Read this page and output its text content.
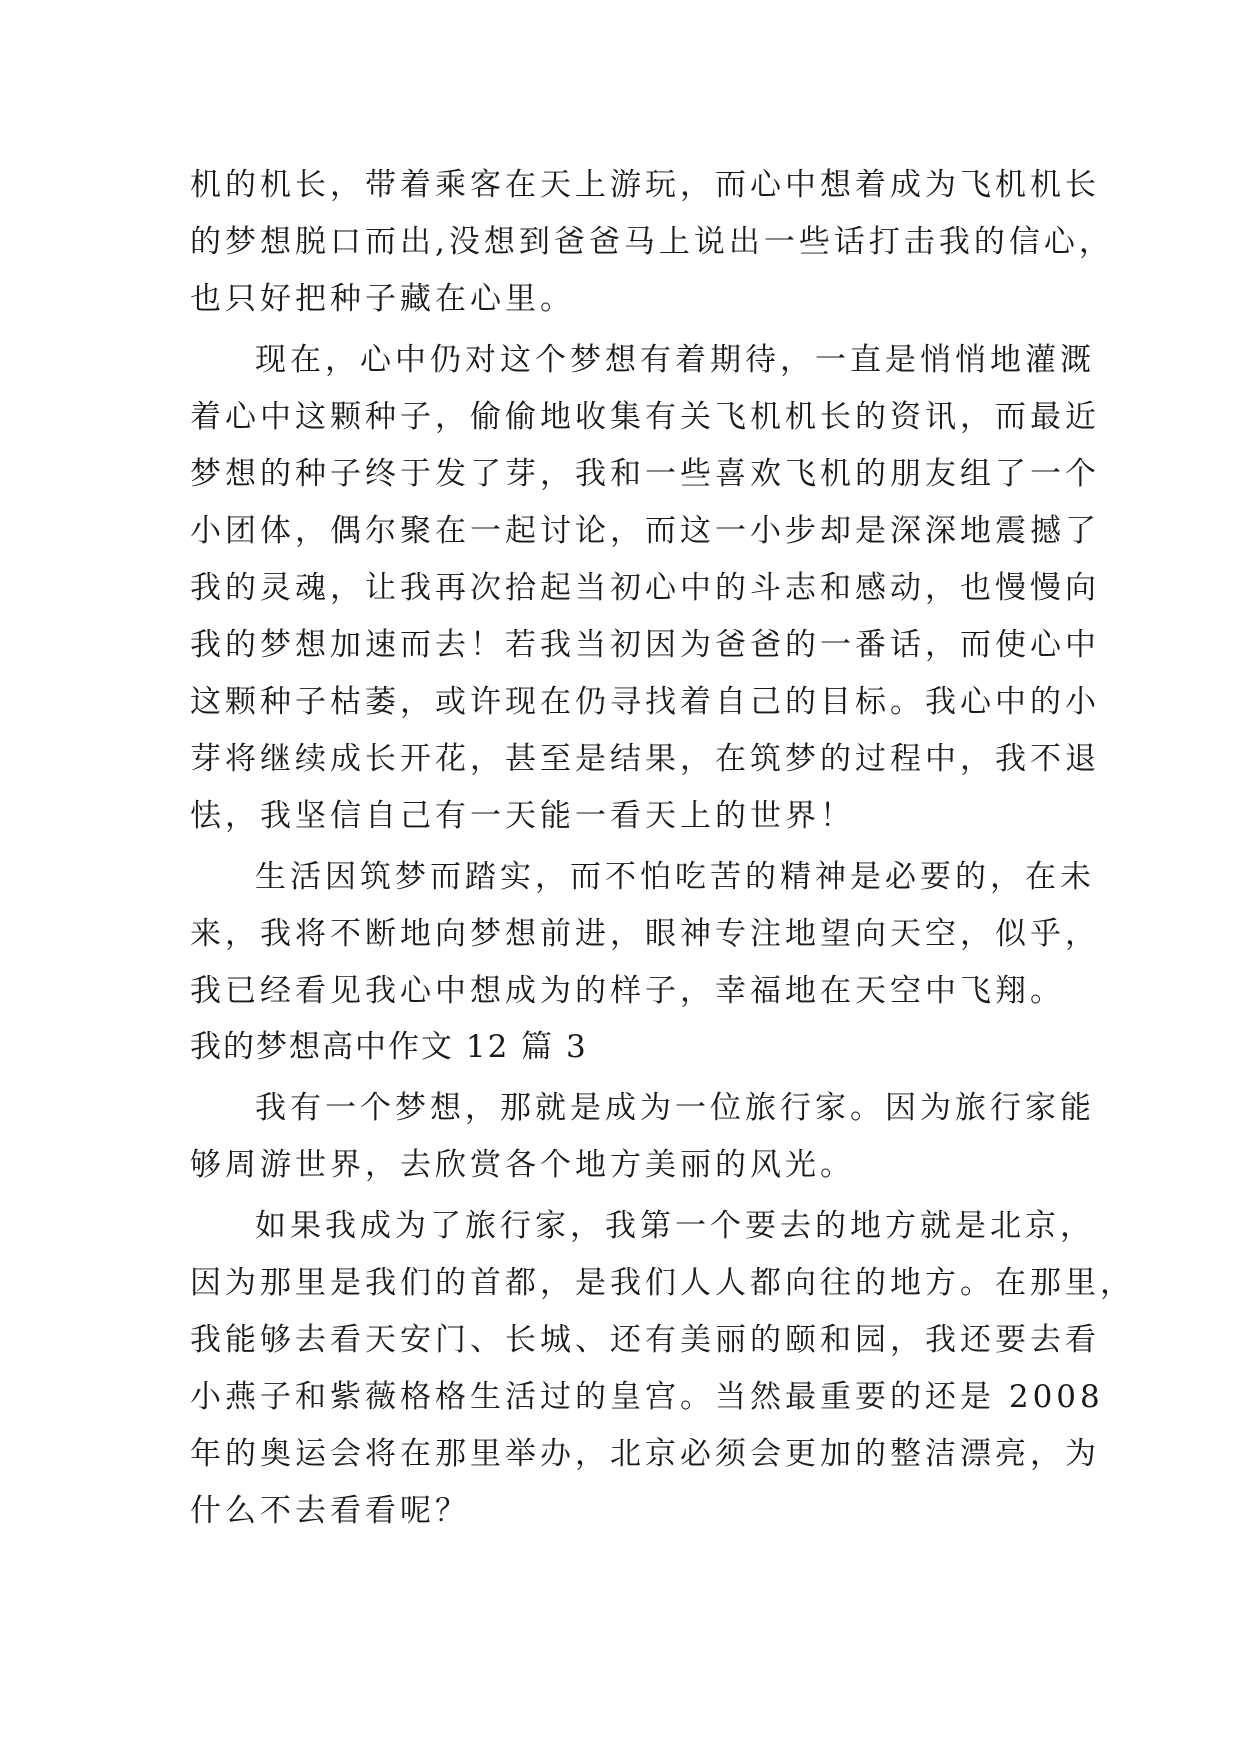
机的机长，带着乘客在天上游玩，而心中想着成为飞机机长
的梦想脱口而出,没想到爸爸马上说出一些话打击我的信心，
也只好把种子藏在心里。
现在，心中仍对这个梦想有着期待，一直是悄悄地灌溉
着心中这颗种子，偷偷地收集有关飞机机长的资讯，而最近
梦想的种子终于发了芽，我和一些喜欢飞机的朋友组了一个
小团体，偶尔聚在一起讨论，而这一小步却是深深地震撼了
我的灵魂，让我再次拾起当初心中的斗志和感动，也慢慢向
我的梦想加速而去！若我当初因为爸爸的一番话，而使心中
这颗种子枯萎，或许现在仍寻找着自己的目标。我心中的小
芽将继续成长开花，甚至是结果，在筑梦的过程中，我不退
怯，我坚信自己有一天能一看天上的世界！
生活因筑梦而踏实，而不怕吃苦的精神是必要的，在未
来，我将不断地向梦想前进，眼神专注地望向天空，似乎，
我已经看见我心中想成为的样子，幸福地在天空中飞翔。
我的梦想高中作文 12 篇 3
我有一个梦想，那就是成为一位旅行家。因为旅行家能
够周游世界，去欣赏各个地方美丽的风光。
如果我成为了旅行家，我第一个要去的地方就是北京，
因为那里是我们的首都，是我们人人都向往的地方。在那里，
我能够去看天安门、长城、还有美丽的颐和园，我还要去看
小燕子和紫薇格格生活过的皇宫。当然最重要的还是 2008
年的奥运会将在那里举办，北京必须会更加的整洁漂亮，为
什么不去看看呢？
